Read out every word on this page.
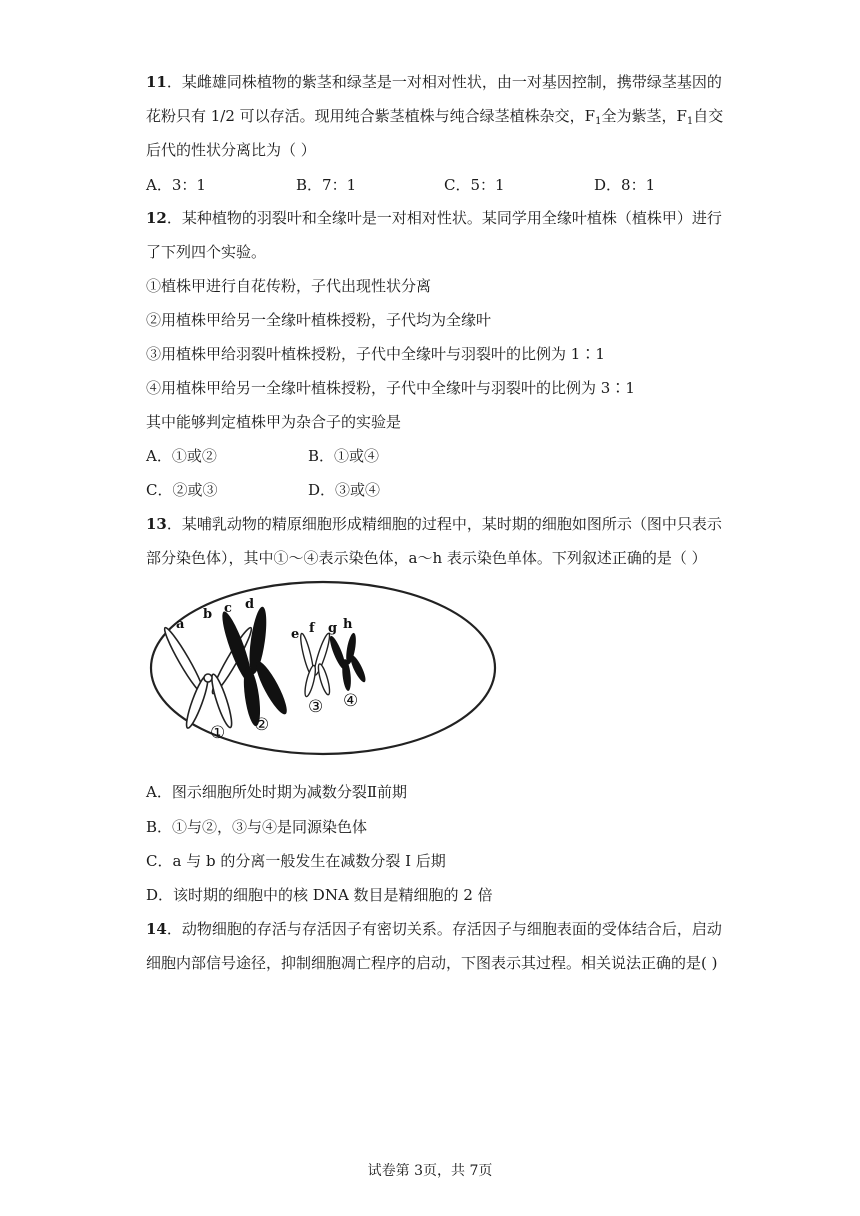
11．某雌雄同株植物的紫茎和绿茎是一对相对性状，由一对基因控制，携带绿茎基因的
花粉只有 1/2 可以存活。现用纯合紫茎植株与纯合绿茎植株杂交，$F_1$全为紫茎，$F_1$自交
后代的性状分离比为（ ）
A．3：1	B．7：1	C．5：1	D．8：1
12．某种植物的羽裂叶和全缘叶是一对相对性状。某同学用全缘叶植株（植株甲）进行
了下列四个实验。
①植株甲进行自花传粉，子代出现性状分离
②用植株甲给另一全缘叶植株授粉，子代均为全缘叶
③用植株甲给羽裂叶植株授粉，子代中全缘叶与羽裂叶的比例为 1∶1
④用植株甲给另一全缘叶植株授粉，子代中全缘叶与羽裂叶的比例为 3∶1
其中能够判定植株甲为杂合子的实验是
A．①或②	B．①或④
C．②或③	D．③或④
13．某哺乳动物的精原细胞形成精细胞的过程中，某时期的细胞如图所示（图中只表示
部分染色体），其中①～④表示染色体，a～h 表示染色单体。下列叙述正确的是（ ）
a
b c d
e f g h
① ②
③ ④
A．图示细胞所处时期为减数分裂Ⅱ前期
B．①与②，③与④是同源染色体
C．a 与 b 的分离一般发生在减数分裂 I 后期
D．该时期的细胞中的核 DNA 数目是精细胞的 2 倍
14．动物细胞的存活与存活因子有密切关系。存活因子与细胞表面的受体结合后，启动
细胞内部信号途径，抑制细胞凋亡程序的启动，下图表示其过程。相关说法正确的是( )
试卷第 3页，共 7页
